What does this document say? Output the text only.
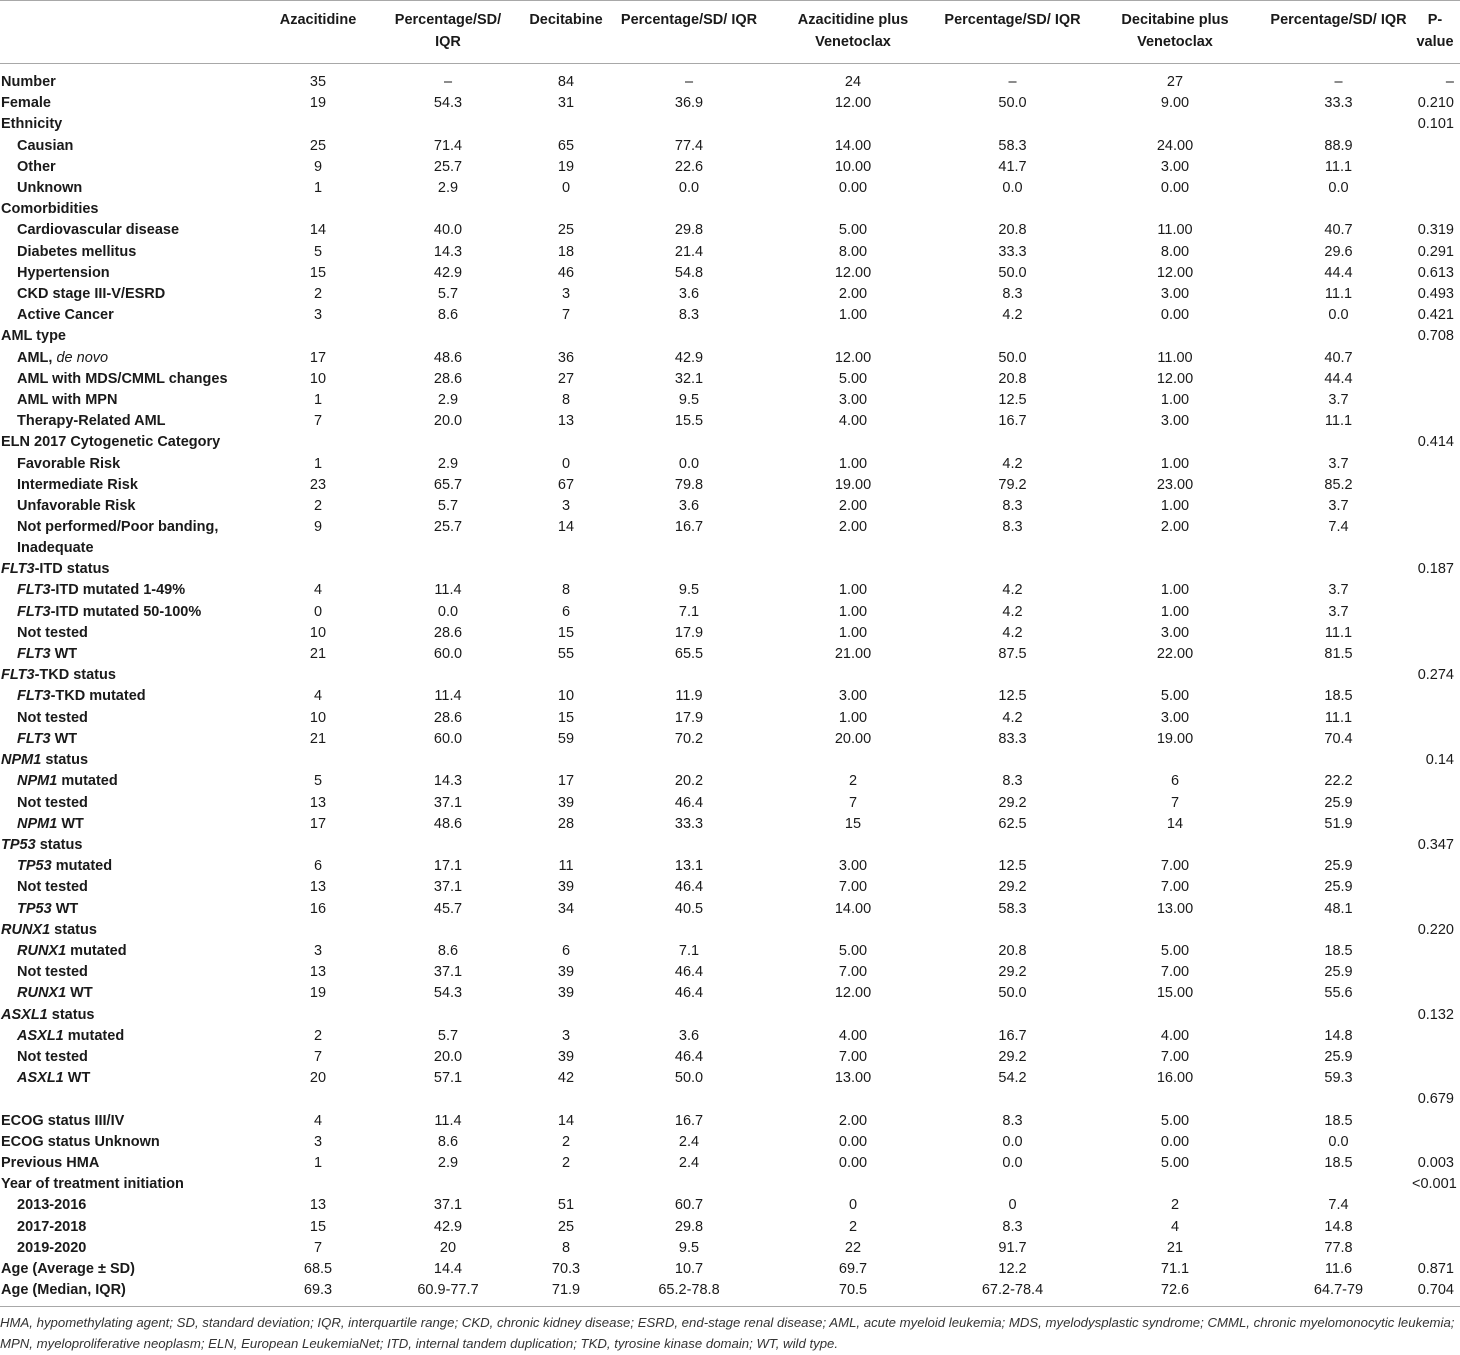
	Azacitidine	Percentage/SD/ IQR	Decitabine	Percentage/SD/ IQR	Azacitidine plus Venetoclax	Percentage/SD/ IQR	Decitabine plus Venetoclax	Percentage/SD/ IQR	P-value
Number	35	–	84	–	24	–	27	–	–
Female	19	54.3	31	36.9	12.00	50.0	9.00	33.3	0.210
Ethnicity									0.101
Causian	25	71.4	65	77.4	14.00	58.3	24.00	88.9	
Other	9	25.7	19	22.6	10.00	41.7	3.00	11.1	
Unknown	1	2.9	0	0.0	0.00	0.0	0.00	0.0	
Comorbidities									
Cardiovascular disease	14	40.0	25	29.8	5.00	20.8	11.00	40.7	0.319
Diabetes mellitus	5	14.3	18	21.4	8.00	33.3	8.00	29.6	0.291
Hypertension	15	42.9	46	54.8	12.00	50.0	12.00	44.4	0.613
CKD stage III-V/ESRD	2	5.7	3	3.6	2.00	8.3	3.00	11.1	0.493
Active Cancer	3	8.6	7	8.3	1.00	4.2	0.00	0.0	0.421
AML type									0.708
AML, de novo	17	48.6	36	42.9	12.00	50.0	11.00	40.7	
AML with MDS/CMML changes	10	28.6	27	32.1	5.00	20.8	12.00	44.4	
AML with MPN	1	2.9	8	9.5	3.00	12.5	1.00	3.7	
Therapy-Related AML	7	20.0	13	15.5	4.00	16.7	3.00	11.1	
ELN 2017 Cytogenetic Category									0.414
Favorable Risk	1	2.9	0	0.0	1.00	4.2	1.00	3.7	
Intermediate Risk	23	65.7	67	79.8	19.00	79.2	23.00	85.2	
Unfavorable Risk	2	5.7	3	3.6	2.00	8.3	1.00	3.7	
Not performed/Poor banding, Inadequate	9	25.7	14	16.7	2.00	8.3	2.00	7.4	
FLT3-ITD status									0.187
FLT3-ITD mutated 1-49%	4	11.4	8	9.5	1.00	4.2	1.00	3.7	
FLT3-ITD mutated 50-100%	0	0.0	6	7.1	1.00	4.2	1.00	3.7	
Not tested	10	28.6	15	17.9	1.00	4.2	3.00	11.1	
FLT3 WT	21	60.0	55	65.5	21.00	87.5	22.00	81.5	
FLT3-TKD status									0.274
FLT3-TKD mutated	4	11.4	10	11.9	3.00	12.5	5.00	18.5	
Not tested	10	28.6	15	17.9	1.00	4.2	3.00	11.1	
FLT3 WT	21	60.0	59	70.2	20.00	83.3	19.00	70.4	
NPM1 status									0.14
NPM1 mutated	5	14.3	17	20.2	2	8.3	6	22.2	
Not tested	13	37.1	39	46.4	7	29.2	7	25.9	
NPM1 WT	17	48.6	28	33.3	15	62.5	14	51.9	
TP53 status									0.347
TP53 mutated	6	17.1	11	13.1	3.00	12.5	7.00	25.9	
Not tested	13	37.1	39	46.4	7.00	29.2	7.00	25.9	
TP53 WT	16	45.7	34	40.5	14.00	58.3	13.00	48.1	
RUNX1 status									0.220
RUNX1 mutated	3	8.6	6	7.1	5.00	20.8	5.00	18.5	
Not tested	13	37.1	39	46.4	7.00	29.2	7.00	25.9	
RUNX1 WT	19	54.3	39	46.4	12.00	50.0	15.00	55.6	
ASXL1 status									0.132
ASXL1 mutated	2	5.7	3	3.6	4.00	16.7	4.00	14.8	
Not tested	7	20.0	39	46.4	7.00	29.2	7.00	25.9	
ASXL1 WT	20	57.1	42	50.0	13.00	54.2	16.00	59.3	
									0.679
ECOG status III/IV	4	11.4	14	16.7	2.00	8.3	5.00	18.5	
ECOG status Unknown	3	8.6	2	2.4	0.00	0.0	0.00	0.0	
Previous HMA	1	2.9	2	2.4	0.00	0.0	5.00	18.5	0.003
Year of treatment initiation									<0.001
2013-2016	13	37.1	51	60.7	0	0	2	7.4	
2017-2018	15	42.9	25	29.8	2	8.3	4	14.8	
2019-2020	7	20	8	9.5	22	91.7	21	77.8	
Age (Average ± SD)	68.5	14.4	70.3	10.7	69.7	12.2	71.1	11.6	0.871
Age (Median, IQR)	69.3	60.9-77.7	71.9	65.2-78.8	70.5	67.2-78.4	72.6	64.7-79	0.704
HMA, hypomethylating agent; SD, standard deviation; IQR, interquartile range; CKD, chronic kidney disease; ESRD, end-stage renal disease; AML, acute myeloid leukemia; MDS, myelodysplastic syndrome; CMML, chronic myelomonocytic leukemia; MPN, myeloproliferative neoplasm; ELN, European LeukemiaNet; ITD, internal tandem duplication; TKD, tyrosine kinase domain; WT, wild type.
